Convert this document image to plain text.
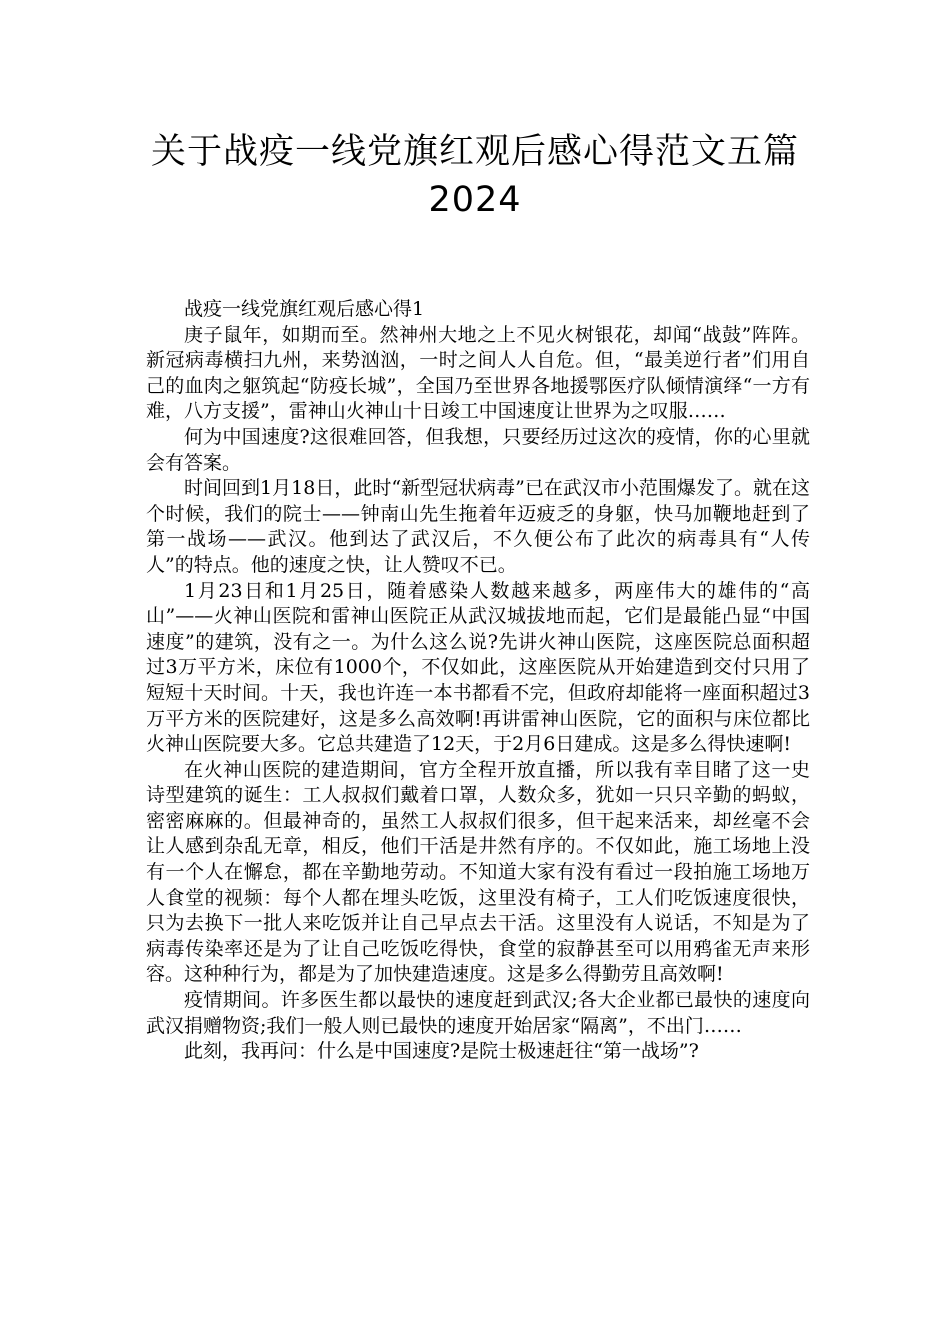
关于战疫一线党旗红观后感心得范文五篇2024

战疫一线党旗红观后感心得1

庚子鼠年，如期而至。然神州大地之上不见火树银花，却闻“战鼓”阵阵。新冠病毒横扫九州，来势汹汹，一时之间人人自危。但，“最美逆行者”们用自己的血肉之躯筑起“防疫长城”，全国乃至世界各地援鄂医疗队倾情演绎“一方有难，八方支援”，雷神山火神山十日竣工中国速度让世界为之叹服……

何为中国速度?这很难回答，但我想，只要经历过这次的疫情，你的心里就会有答案。

时间回到1月18日，此时“新型冠状病毒”已在武汉市小范围爆发了。就在这个时候，我们的院士——钟南山先生拖着年迈疲乏的身躯，快马加鞭地赶到了第一战场——武汉。他到达了武汉后，不久便公布了此次的病毒具有“人传人”的特点。他的速度之快，让人赞叹不已。

1月23日和1月25日，随着感染人数越来越多，两座伟大的雄伟的“高山”——火神山医院和雷神山医院正从武汉城拔地而起，它们是最能凸显“中国速度”的建筑，没有之一。为什么这么说?先讲火神山医院，这座医院总面积超过3万平方米，床位有1000个，不仅如此，这座医院从开始建造到交付只用了短短十天时间。十天，我也许连一本书都看不完，但政府却能将一座面积超过3万平方米的医院建好，这是多么高效啊!再讲雷神山医院，它的面积与床位都比火神山医院要大多。它总共建造了12天，于2月6日建成。这是多么得快速啊!

在火神山医院的建造期间，官方全程开放直播，所以我有幸目睹了这一史诗型建筑的诞生：工人叔叔们戴着口罩，人数众多，犹如一只只辛勤的蚂蚁，密密麻麻的。但最神奇的，虽然工人叔叔们很多，但干起来活来，却丝毫不会让人感到杂乱无章，相反，他们干活是井然有序的。不仅如此，施工场地上没有一个人在懈怠，都在辛勤地劳动。不知道大家有没有看过一段拍施工场地万人食堂的视频：每个人都在埋头吃饭，这里没有椅子，工人们吃饭速度很快，只为去换下一批人来吃饭并让自己早点去干活。这里没有人说话，不知是为了病毒传染率还是为了让自己吃饭吃得快，食堂的寂静甚至可以用鸦雀无声来形容。这种种行为，都是为了加快建造速度。这是多么得勤劳且高效啊!

疫情期间。许多医生都以最快的速度赶到武汉;各大企业都已最快的速度向武汉捐赠物资;我们一般人则已最快的速度开始居家“隔离”，不出门……

此刻，我再问：什么是中国速度?是院士极速赶往“第一战场”?
